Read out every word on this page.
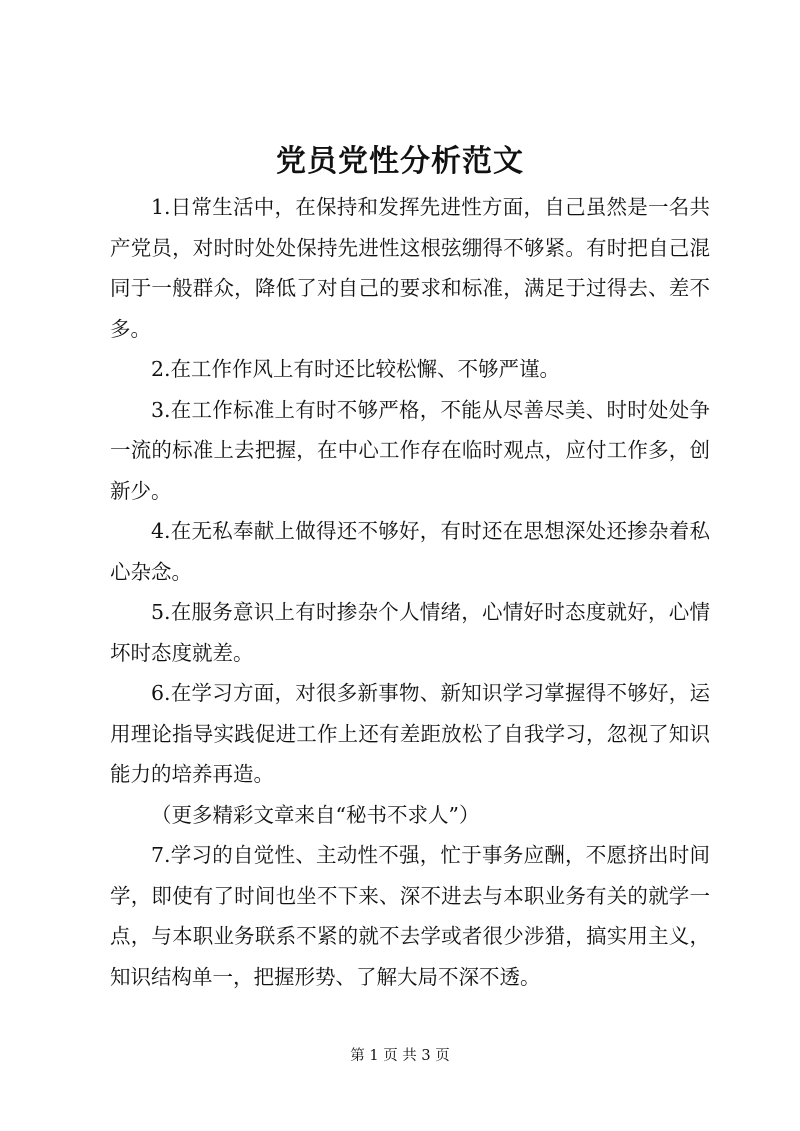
党员党性分析范文

1.日常生活中，在保持和发挥先进性方面，自己虽然是一名共产党员，对时时处处保持先进性这根弦绷得不够紧。有时把自己混同于一般群众，降低了对自己的要求和标准，满足于过得去、差不多。

2.在工作作风上有时还比较松懈、不够严谨。

3.在工作标准上有时不够严格，不能从尽善尽美、时时处处争一流的标准上去把握，在中心工作存在临时观点，应付工作多，创新少。

4.在无私奉献上做得还不够好，有时还在思想深处还掺杂着私心杂念。

5.在服务意识上有时掺杂个人情绪，心情好时态度就好，心情坏时态度就差。

6.在学习方面，对很多新事物、新知识学习掌握得不够好，运用理论指导实践促进工作上还有差距放松了自我学习，忽视了知识能力的培养再造。

（更多精彩文章来自“秘书不求人”）

7.学习的自觉性、主动性不强，忙于事务应酬，不愿挤出时间学，即使有了时间也坐不下来、深不进去与本职业务有关的就学一点，与本职业务联系不紧的就不去学或者很少涉猎，搞实用主义，知识结构单一，把握形势、了解大局不深不透。

第 1 页 共 3 页
